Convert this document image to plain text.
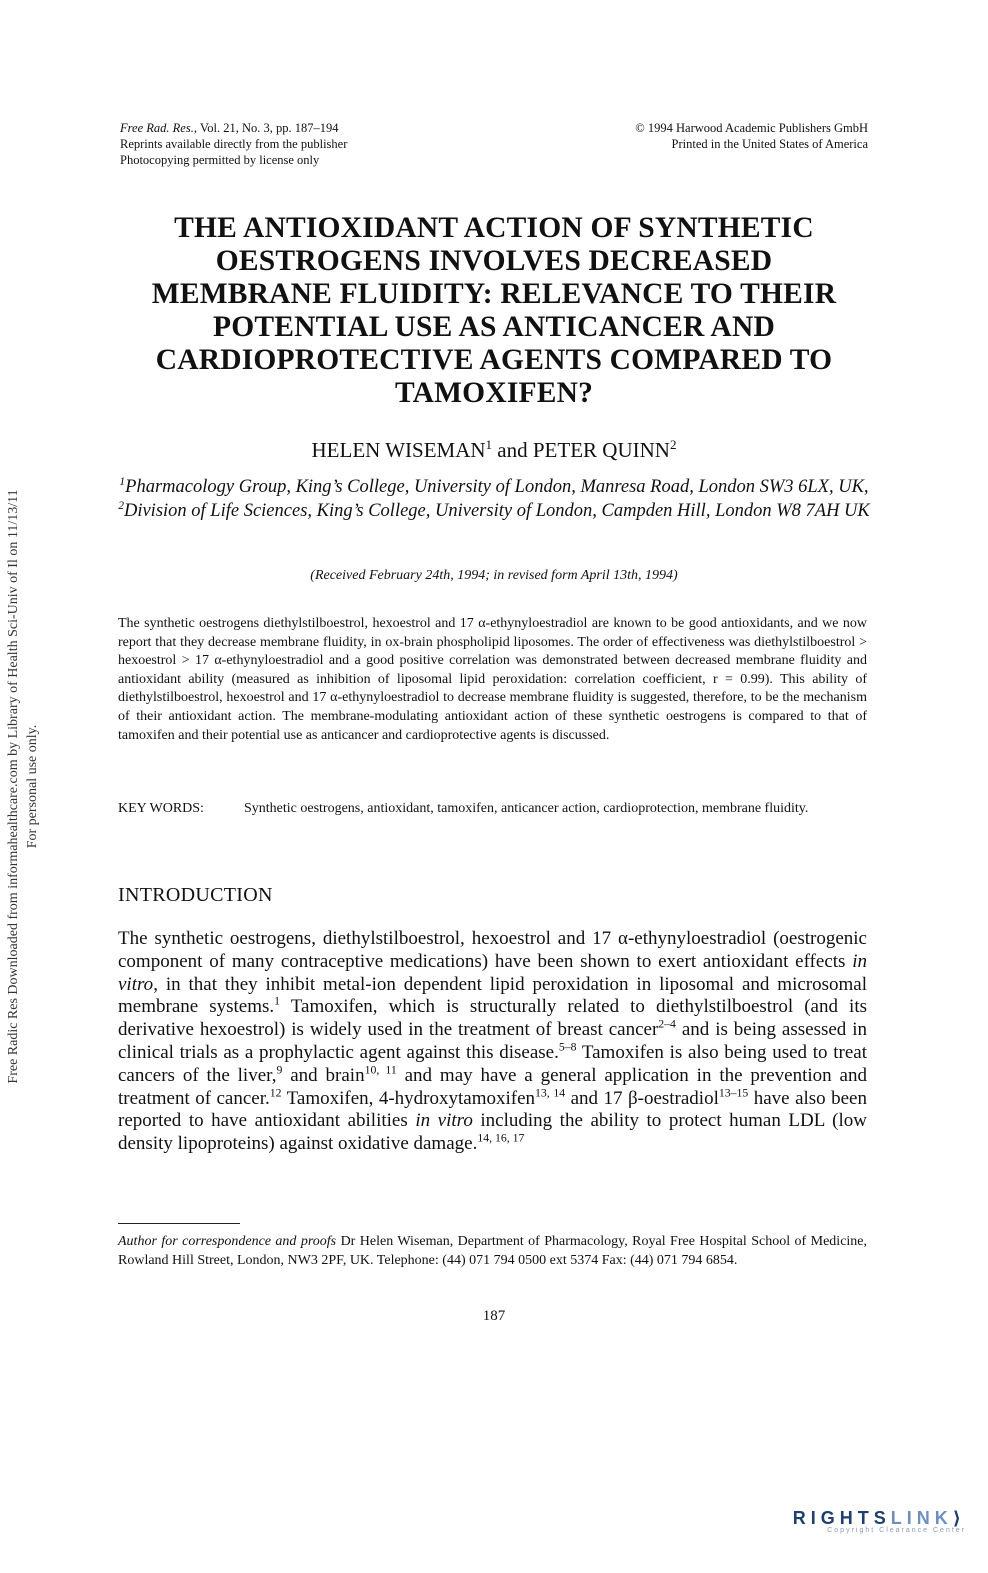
Free Rad. Res., Vol. 21, No. 3, pp. 187–194
Reprints available directly from the publisher
Photocopying permitted by license only
© 1994 Harwood Academic Publishers GmbH
Printed in the United States of America
THE ANTIOXIDANT ACTION OF SYNTHETIC
OESTROGENS INVOLVES DECREASED
MEMBRANE FLUIDITY: RELEVANCE TO THEIR
POTENTIAL USE AS ANTICANCER AND
CARDIOPROTECTIVE AGENTS COMPARED TO
TAMOXIFEN?
HELEN WISEMAN$^1$ and PETER QUINN$^2$
$^1$Pharmacology Group, King’s College, University of London, Manresa Road, London SW3 6LX, UK, $^2$Division of Life Sciences, King’s College, University of London, Campden Hill, London W8 7AH UK
(Received February 24th, 1994; in revised form April 13th, 1994)
The synthetic oestrogens diethylstilboestrol, hexoestrol and 17 α-ethynyloestradiol are known to be good antioxidants, and we now report that they decrease membrane fluidity, in ox-brain phospholipid liposomes. The order of effectiveness was diethylstilboestrol > hexoestrol > 17 α-ethynyloestradiol and a good positive correlation was demonstrated between decreased membrane fluidity and antioxidant ability (measured as inhibition of liposomal lipid peroxidation: correlation coefficient, r = 0.99). This ability of diethylstilboestrol, hexoestrol and 17 α-ethynyloestradiol to decrease membrane fluidity is suggested, therefore, to be the mechanism of their antioxidant action. The membrane-modulating antioxidant action of these synthetic oestrogens is compared to that of tamoxifen and their potential use as anticancer and cardioprotective agents is discussed.
KEY WORDS:	Synthetic oestrogens, antioxidant, tamoxifen, anticancer action, cardioprotection, membrane fluidity.
INTRODUCTION
The synthetic oestrogens, diethylstilboestrol, hexoestrol and 17 α-ethynyloestradiol (oestrogenic component of many contraceptive medications) have been shown to exert antioxidant effects in vitro, in that they inhibit metal-ion dependent lipid peroxidation in liposomal and microsomal membrane systems.$^1$ Tamoxifen, which is structurally related to diethylstilboestrol (and its derivative hexoestrol) is widely used in the treatment of breast cancer$^{2-4}$ and is being assessed in clinical trials as a prophylactic agent against this disease.$^{5-8}$ Tamoxifen is also being used to treat cancers of the liver,$^9$ and brain$^{10, 11}$ and may have a general application in the prevention and treatment of cancer.$^{12}$ Tamoxifen, 4-hydroxytamoxifen$^{13, 14}$ and 17 β-oestradiol$^{13-15}$ have also been reported to have antioxidant abilities in vitro including the ability to protect human LDL (low density lipoproteins) against oxidative damage.$^{14, 16, 17}$
Author for correspondence and proofs Dr Helen Wiseman, Department of Pharmacology, Royal Free Hospital School of Medicine, Rowland Hill Street, London, NW3 2PF, UK. Telephone: (44) 071 794 0500 ext 5374 Fax: (44) 071 794 6854.
187
Free Radic Res Downloaded from informahealthcare.com by Library of Health Sci-Univ of Il on 11/13/11 For personal use only.
RIGHTSLINK⟩
Copyright Clearance Center
